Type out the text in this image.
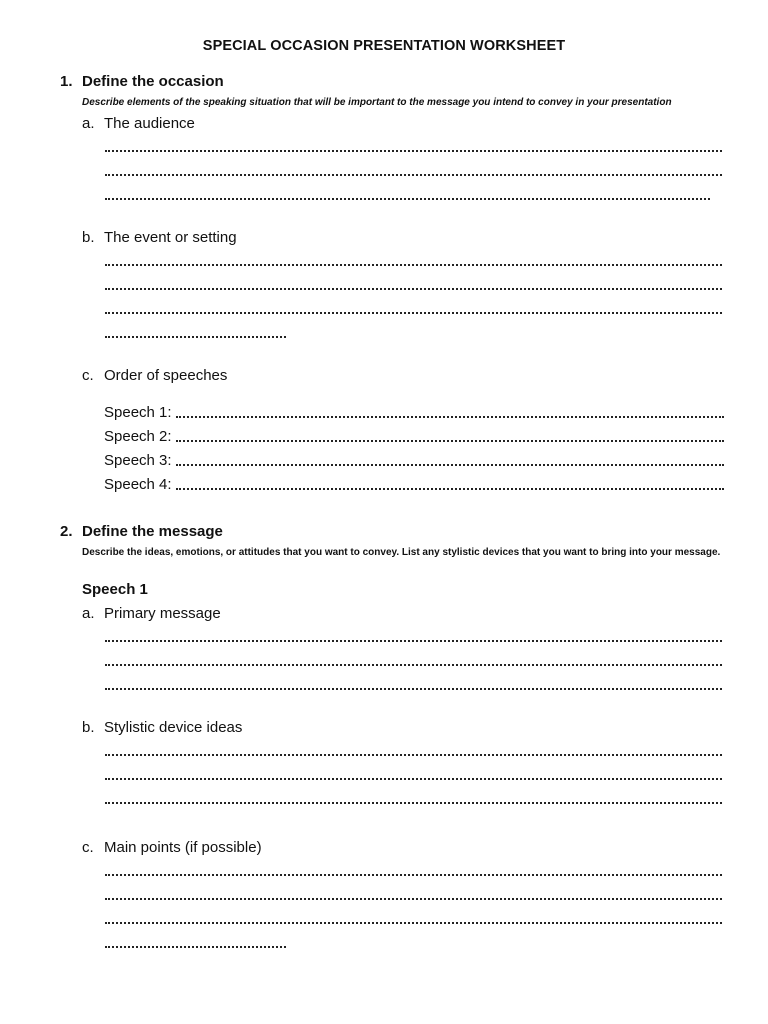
SPECIAL OCCASION PRESENTATION WORKSHEET
1. Define the occasion
Describe elements of the speaking situation that will be important to the message you intend to convey in your presentation
a. The audience
b. The event or setting
c. Order of speeches
Speech 1:
Speech 2:
Speech 3:
Speech 4:
2. Define the message
Describe the ideas, emotions, or attitudes that you want to convey. List any stylistic devices that you want to bring into your message.
Speech 1
a. Primary message
b. Stylistic device ideas
c. Main points (if possible)
